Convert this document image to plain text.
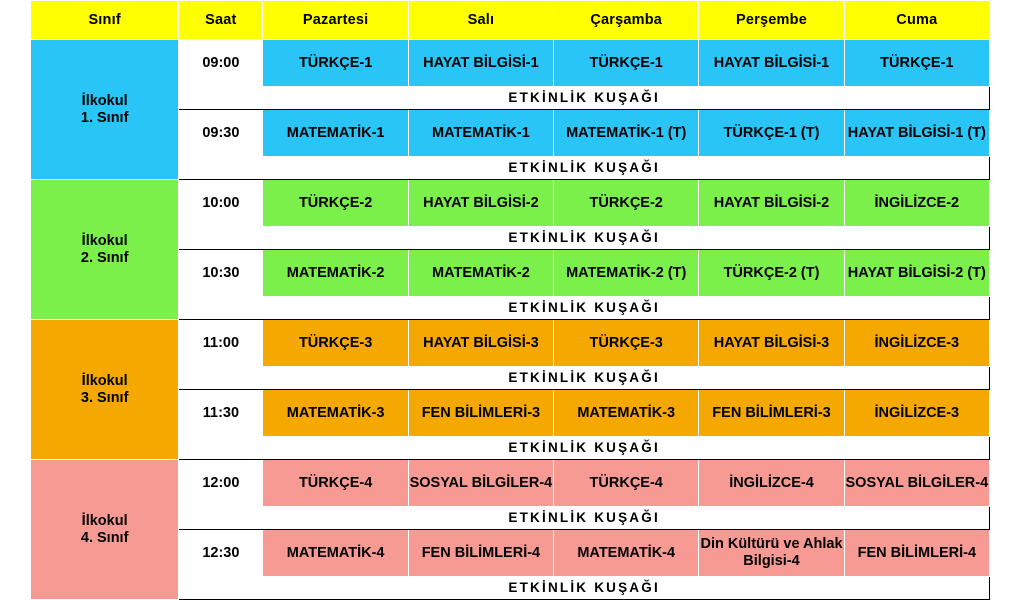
Sınıf	Saat	Pazartesi	Salı	Çarşamba	Perşembe	Cuma

İlkokul
1. Sınıf	09:00	TÜRKÇE-1	HAYAT BİLGİSİ-1	TÜRKÇE-1	HAYAT BİLGİSİ-1	TÜRKÇE-1
	ETKİNLİK KUŞAĞI					
	09:30	MATEMATİK-1	MATEMATİK-1	MATEMATİK-1 (T)	TÜRKÇE-1 (T)	HAYAT BİLGİSİ-1 (T)
	ETKİNLİK KUŞAĞI					

İlkokul
2. Sınıf	10:00	TÜRKÇE-2	HAYAT BİLGİSİ-2	TÜRKÇE-2	HAYAT BİLGİSİ-2	İNGİLİZCE-2
	ETKİNLİK KUŞAĞI					
	10:30	MATEMATİK-2	MATEMATİK-2	MATEMATİK-2 (T)	TÜRKÇE-2 (T)	HAYAT BİLGİSİ-2 (T)
	ETKİNLİK KUŞAĞI					

İlkokul
3. Sınıf	11:00	TÜRKÇE-3	HAYAT BİLGİSİ-3	TÜRKÇE-3	HAYAT BİLGİSİ-3	İNGİLİZCE-3
	ETKİNLİK KUŞAĞI					
	11:30	MATEMATİK-3	FEN BİLİMLERİ-3	MATEMATİK-3	FEN BİLİMLERİ-3	İNGİLİZCE-3
	ETKİNLİK KUŞAĞI					

İlkokul
4. Sınıf	12:00	TÜRKÇE-4	SOSYAL BİLGİLER-4	TÜRKÇE-4	İNGİLİZCE-4	SOSYAL BİLGİLER-4
	ETKİNLİK KUŞAĞI					
	12:30	MATEMATİK-4	FEN BİLİMLERİ-4	MATEMATİK-4	Din Kültürü ve Ahlak Bilgisi-4	FEN BİLİMLERİ-4
	ETKİNLİK KUŞAĞI					
